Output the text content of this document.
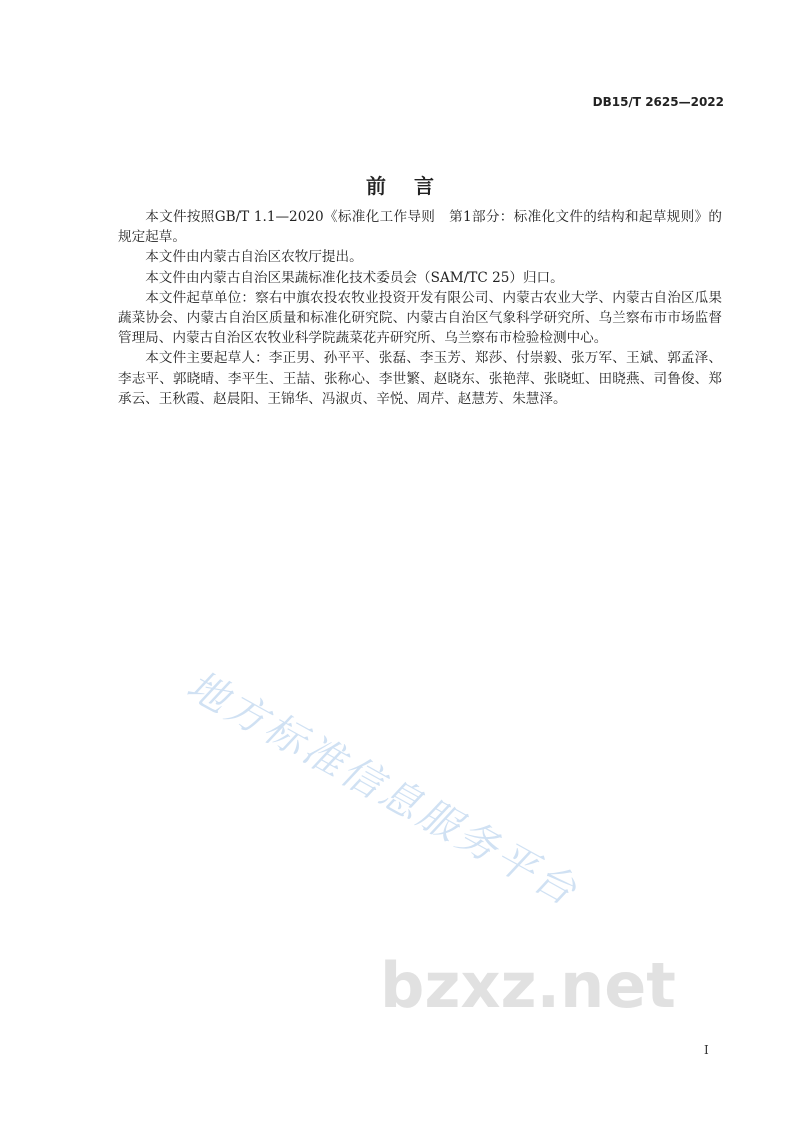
DB15/T 2625—2022
前言

本文件按照GB/T 1.1—2020《标准化工作导则　第1部分：标准化文件的结构和起草规则》的规定起草。

本文件由内蒙古自治区农牧厅提出。

本文件由内蒙古自治区果蔬标准化技术委员会（SAM/TC 25）归口。

本文件起草单位：察右中旗农投农牧业投资开发有限公司、内蒙古农业大学、内蒙古自治区瓜果蔬菜协会、内蒙古自治区质量和标准化研究院、内蒙古自治区气象科学研究所、乌兰察布市市场监督管理局、内蒙古自治区农牧业科学院蔬菜花卉研究所、乌兰察布市检验检测中心。

本文件主要起草人：李正男、孙平平、张磊、李玉芳、郑莎、付崇毅、张万军、王斌、郭孟泽、李志平、郭晓晴、李平生、王喆、张称心、李世繁、赵晓东、张艳萍、张晓虹、田晓燕、司鲁俊、郑承云、王秋霞、赵晨阳、王锦华、冯淑贞、辛悦、周芹、赵慧芳、朱慧泽。

地方标准信息服务平台
bzxz.net
I
